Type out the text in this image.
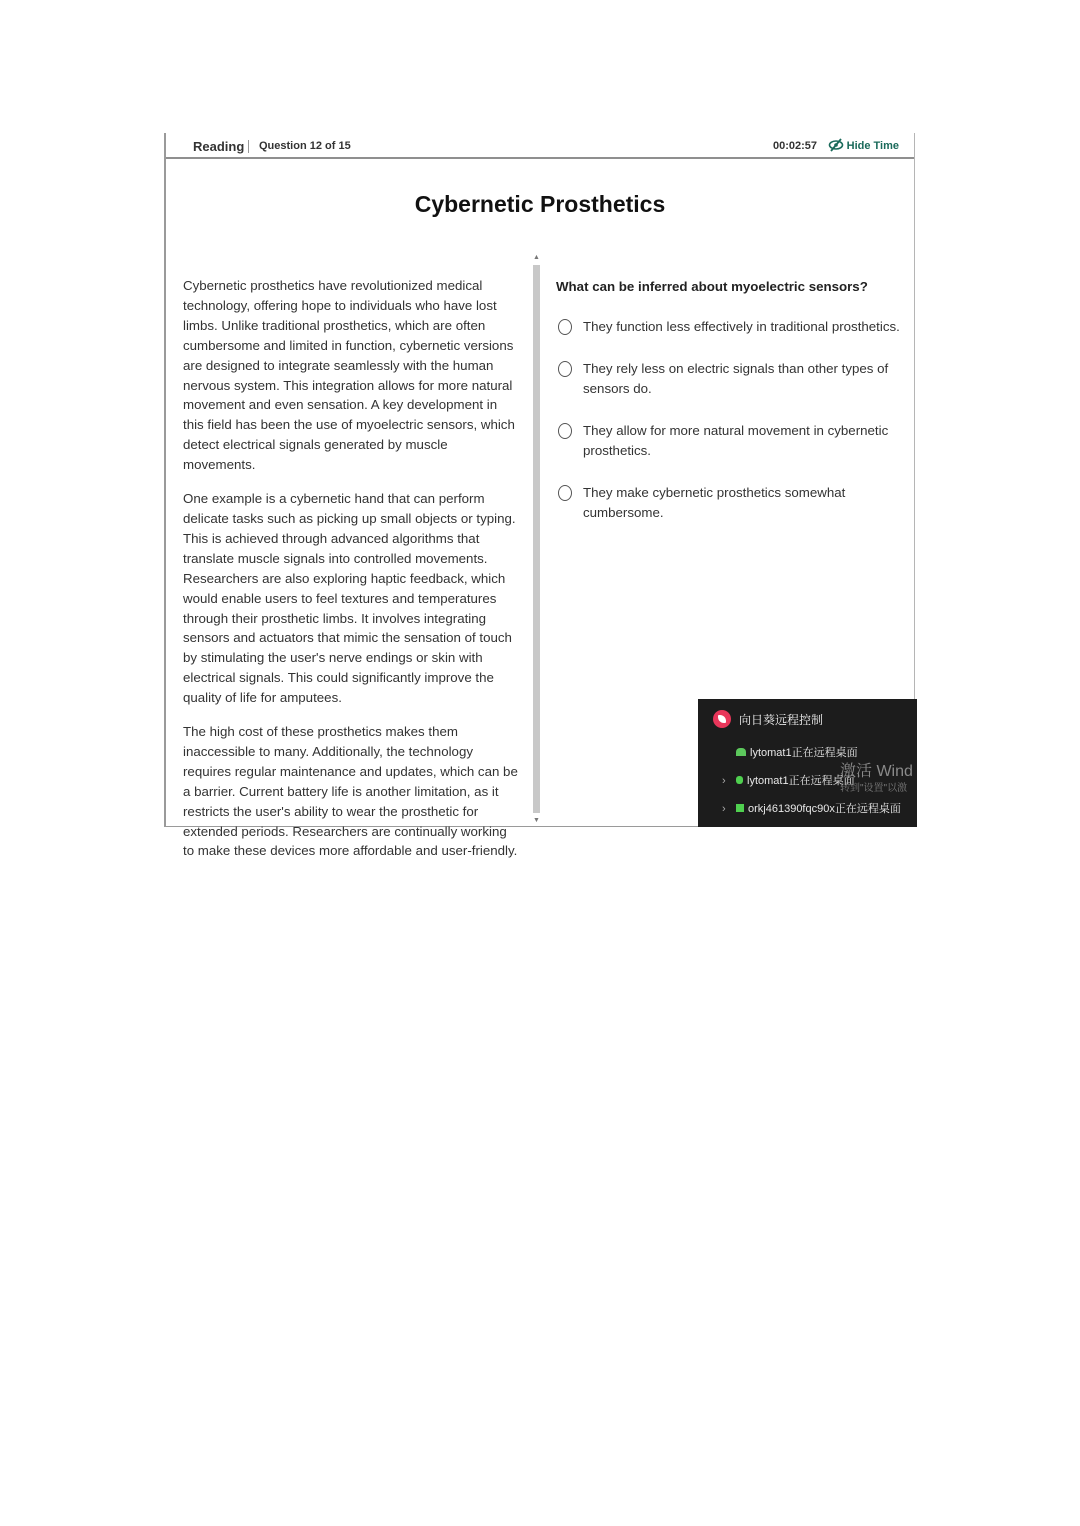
Reading Question 12 of 15	00:02:57	Hide Time
Cybernetic Prosthetics

Cybernetic prosthetics have revolutionized medical technology, offering hope to individuals who have lost limbs. Unlike traditional prosthetics, which are often cumbersome and limited in function, cybernetic versions are designed to integrate seamlessly with the human nervous system. This integration allows for more natural movement and even sensation. A key development in this field has been the use of myoelectric sensors, which detect electrical signals generated by muscle movements.

One example is a cybernetic hand that can perform delicate tasks such as picking up small objects or typing. This is achieved through advanced algorithms that translate muscle signals into controlled movements. Researchers are also exploring haptic feedback, which would enable users to feel textures and temperatures through their prosthetic limbs. It involves integrating sensors and actuators that mimic the sensation of touch by stimulating the user's nerve endings or skin with electrical signals. This could significantly improve the quality of life for amputees.

The high cost of these prosthetics makes them inaccessible to many. Additionally, the technology requires regular maintenance and updates, which can be a barrier. Current battery life is another limitation, as it restricts the user's ability to wear the prosthetic for extended periods. Researchers are continually working to make these devices more affordable and user-friendly.

▲
▼
What can be inferred about myoelectric sensors?
They function less effectively in traditional prosthetics.
They rely less on electric signals than other types of sensors do.
They allow for more natural movement in cybernetic prosthetics.
They make cybernetic prosthetics somewhat cumbersome.
向日葵远程控制
lytomat1正在远程桌面
› lytomat1正在远程桌面
› orkj461390fqc90x正在远程桌面
激活 Wind
转到"设置"以激
